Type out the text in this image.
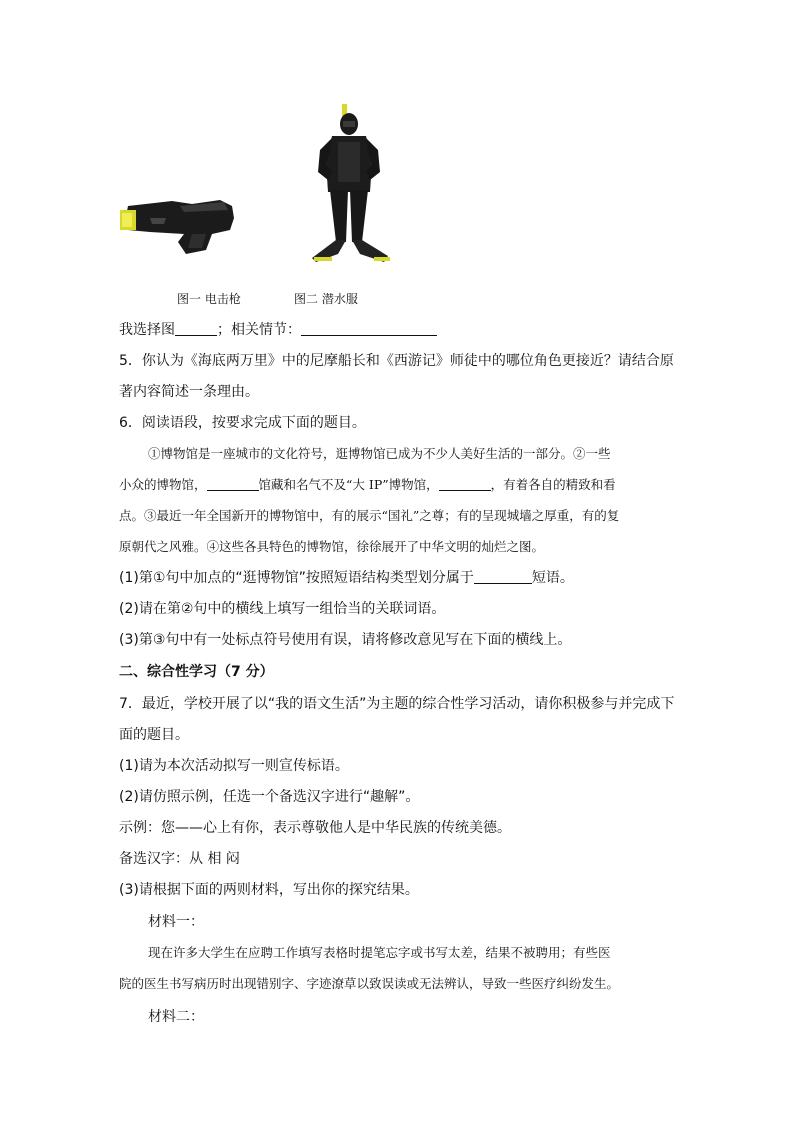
图一 电击枪	图二 潜水服
我选择图	；相关情节：
5．你认为《海底两万里》中的尼摩船长和《西游记》师徒中的哪位角色更接近？请结合原
著内容简述一条理由。
6．阅读语段，按要求完成下面的题目。
①博物馆是一座城市的文化符号，逛博物馆已成为不少人美好生活的一部分。②一些
小众的博物馆，	馆藏和名气不及“大 IP”博物馆，	，有着各自的精致和看
点。③最近一年全国新开的博物馆中，有的展示“国礼”之尊；有的呈现城墙之厚重，有的复
原朝代之风雅。④这些各具特色的博物馆，徐徐展开了中华文明的灿烂之图。
(1)第①句中加点的“逛博物馆”按照短语结构类型划分属于	短语。
(2)请在第②句中的横线上填写一组恰当的关联词语。
(3)第③句中有一处标点符号使用有误，请将修改意见写在下面的横线上。
二、综合性学习（7 分）
7．最近，学校开展了以“我的语文生活”为主题的综合性学习活动，请你积极参与并完成下
面的题目。
(1)请为本次活动拟写一则宣传标语。
(2)请仿照示例，任选一个备选汉字进行“趣解”。
示例：您——心上有你，表示尊敬他人是中华民族的传统美德。
备选汉字：从 相 闷
(3)请根据下面的两则材料，写出你的探究结果。
材料一：
现在许多大学生在应聘工作填写表格时提笔忘字或书写太差，结果不被聘用；有些医
院的医生书写病历时出现错别字、字迹潦草以致误读或无法辨认，导致一些医疗纠纷发生。
材料二：
